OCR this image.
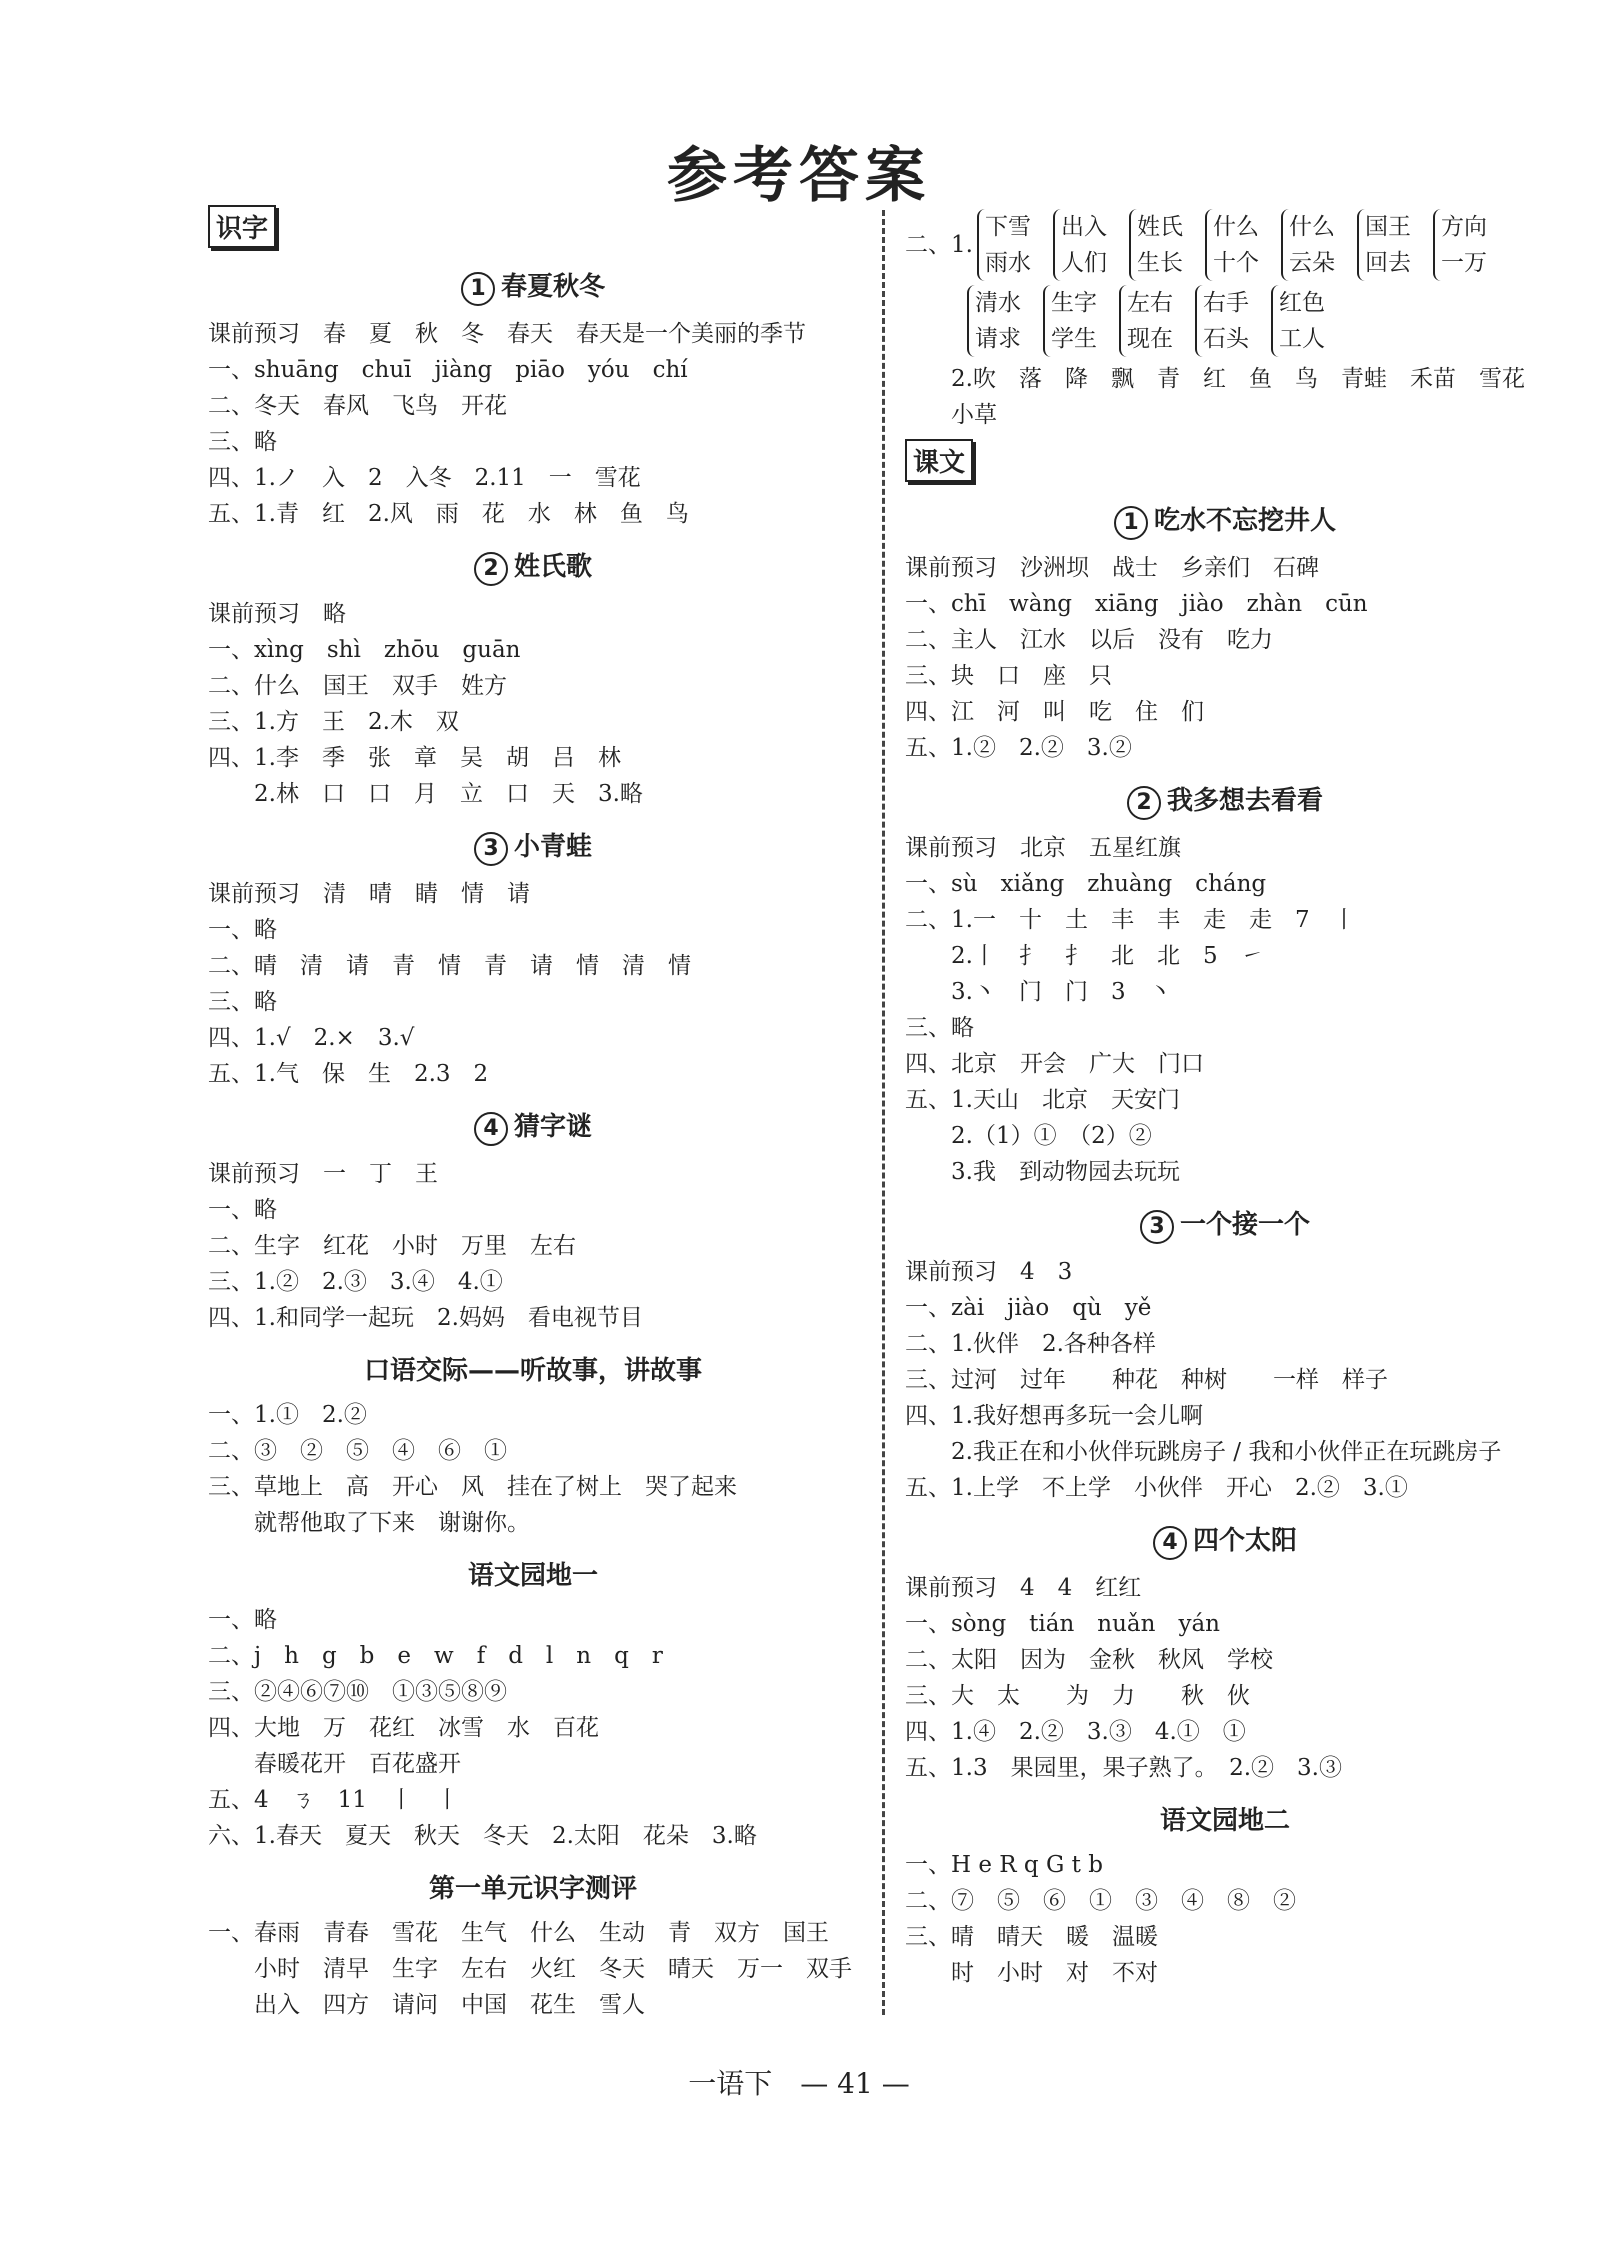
参考答案
识字
1 春夏秋冬
课前预习　春　夏　秋　冬　春天　春天是一个美丽的季节
一、shuāng　chuī　jiàng　piāo　yóu　chí
二、冬天　春风　飞鸟　开花
三、略
四、1.ノ　入　2　入冬　2.11　一　雪花
五、1.青　红　2.风　雨　花　水　林　鱼　鸟
2 姓氏歌
课前预习　略
一、xìng　shì　zhōu　guān
二、什么　国王　双手　姓方
三、1.方　王　2.木　双
四、1.李　季　张　章　吴　胡　吕　林
　　2.林　口　口　月　立　口　天　3.略
3 小青蛙
课前预习　清　晴　睛　情　请
一、略
二、晴　清　请　青　情　青　请　情　清　情
三、略
四、1.√　2.×　3.√
五、1.气　保　生　2.3　2
4 猜字谜
课前预习　一　丁　王
一、略
二、生字　红花　小时　万里　左右
三、1.②　2.③　3.④　4.①
四、1.和同学一起玩　2.妈妈　看电视节目
口语交际——听故事，讲故事
一、1.①　2.②
二、③　②　⑤　④　⑥　①
三、草地上　高　开心　风　挂在了树上　哭了起来
　　就帮他取了下来　谢谢你。
语文园地一
一、略
二、j　h　g　b　e　w　f　d　l　n　q　r
三、②④⑥⑦⑩　①③⑤⑧⑨
四、大地　万　花红　冰雪　水　百花
　　春暖花开　百花盛开
五、4　ㄋ　11　丨　丨
六、1.春天　夏天　秋天　冬天　2.太阳　花朵　3.略
第一单元识字测评
一、春雨　青春　雪花　生气　什么　生动　青　双方　国王
　　小时　清早　生字　左右　火红　冬天　晴天　万一　双手
　　出入　四方　请问　中国　花生　雪人
二、1.
下雪
雨水
出入
人们
姓氏
生长
什么
十个
什么
云朵
国王
回去
方向
一万
清水
请求
生字
学生
左右
现在
右手
石头
红色
工人
　　2.吹　落　降　飘　青　红　鱼　鸟　青蛙　禾苗　雪花
　　小草
课文
1 吃水不忘挖井人
课前预习　沙洲坝　战士　乡亲们　石碑
一、chī　wàng　xiāng　jiào　zhàn　cūn
二、主人　江水　以后　没有　吃力
三、块　口　座　只
四、江　河　叫　吃　住　们
五、1.②　2.②　3.②
2 我多想去看看
课前预习　北京　五星红旗
一、sù　xiǎng　zhuàng　cháng
二、1.一　十　土　丰　丰　走　走　7　丨
　　2.丨　扌　扌　北　北　5　㇀
　　3.丶　门　门　3　丶
三、略
四、北京　开会　广大　门口
五、1.天山　北京　天安门
　　2.（1）①　（2）②
　　3.我　到动物园去玩玩
3 一个接一个
课前预习　4　3
一、zài　jiào　qù　yě
二、1.伙伴　2.各种各样
三、过河　过年　　种花　种树　　一样　样子
四、1.我好想再多玩一会儿啊
　　2.我正在和小伙伴玩跳房子 / 我和小伙伴正在玩跳房子
五、1.上学　不上学　小伙伴　开心　2.②　3.①
4 四个太阳
课前预习　4　4　红红
一、sòng　tián　nuǎn　yán
二、太阳　因为　金秋　秋风　学校
三、大　太　　为　力　　秋　伙
四、1.④　2.②　3.③　4.①　①
五、1.3　果园里，果子熟了。　2.②　3.③
语文园地二
一、H e R q G t b
二、⑦　⑤　⑥　①　③　④　⑧　②
三、晴　晴天　暖　温暖
　　时　小时　对　不对
一语下　— 41 —
